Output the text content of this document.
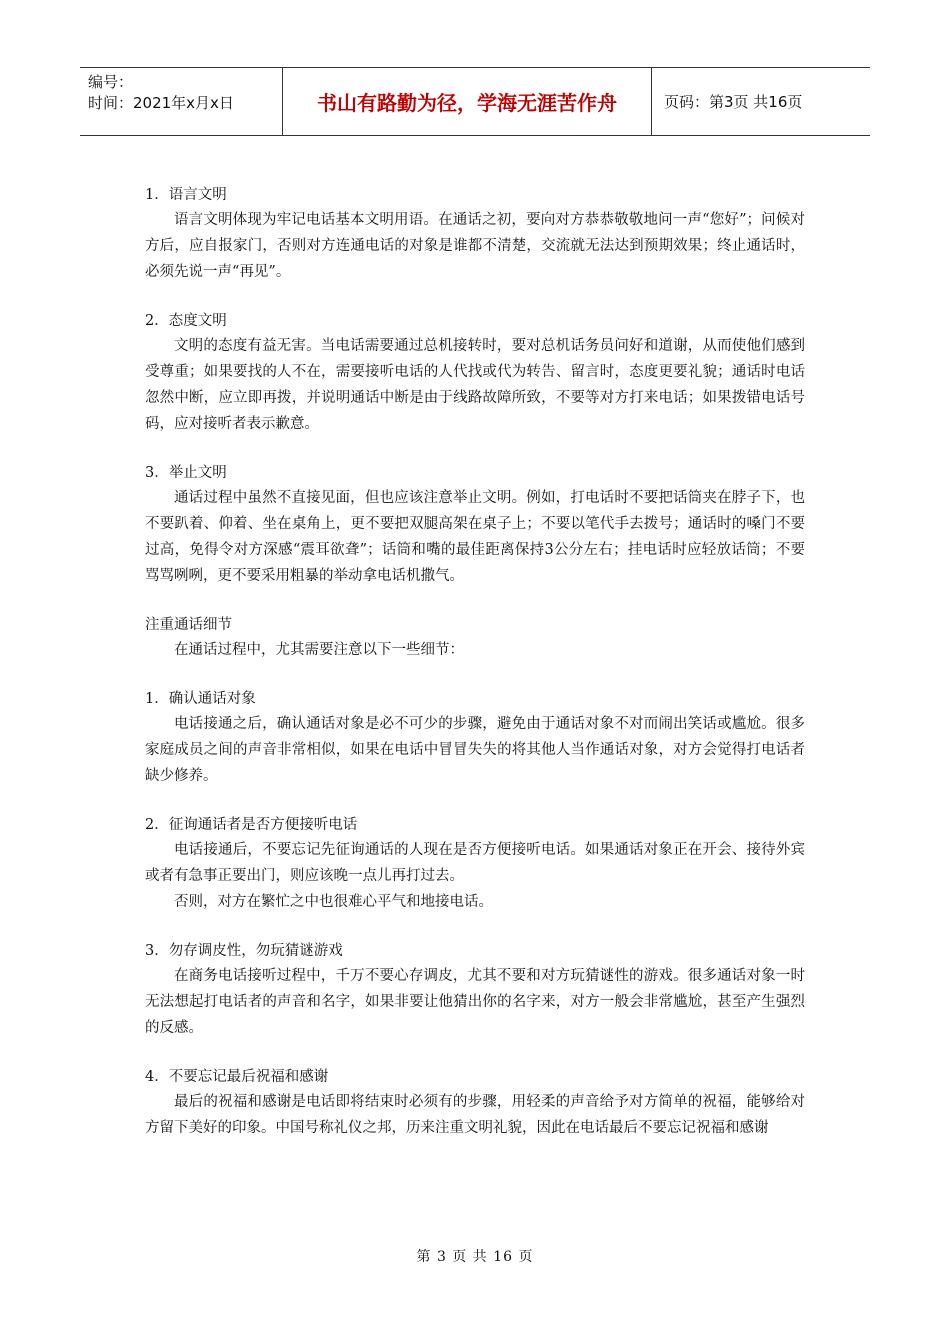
编号：
时间：2021年x月x日	书山有路勤为径，学海无涯苦作舟	页码：第3页 共16页
1．语言文明

语言文明体现为牢记电话基本文明用语。在通话之初，要向对方恭恭敬敬地问一声“您好”；问候对方后，应自报家门，否则对方连通电话的对象是谁都不清楚，交流就无法达到预期效果；终止通话时，必须先说一声“再见”。

2．态度文明

文明的态度有益无害。当电话需要通过总机接转时，要对总机话务员问好和道谢，从而使他们感到受尊重；如果要找的人不在，需要接听电话的人代找或代为转告、留言时，态度更要礼貌；通话时电话忽然中断，应立即再拨，并说明通话中断是由于线路故障所致，不要等对方打来电话；如果拨错电话号码，应对接听者表示歉意。

3．举止文明

通话过程中虽然不直接见面，但也应该注意举止文明。例如，打电话时不要把话筒夹在脖子下，也不要趴着、仰着、坐在桌角上，更不要把双腿高架在桌子上；不要以笔代手去拨号；通话时的嗓门不要过高，免得令对方深感“震耳欲聋”；话筒和嘴的最佳距离保持3公分左右；挂电话时应轻放话筒；不要骂骂咧咧，更不要采用粗暴的举动拿电话机撒气。

注重通话细节

在通话过程中，尤其需要注意以下一些细节：

1．确认通话对象

电话接通之后，确认通话对象是必不可少的步骤，避免由于通话对象不对而闹出笑话或尴尬。很多家庭成员之间的声音非常相似，如果在电话中冒冒失失的将其他人当作通话对象，对方会觉得打电话者缺少修养。

2．征询通话者是否方便接听电话

电话接通后，不要忘记先征询通话的人现在是否方便接听电话。如果通话对象正在开会、接待外宾或者有急事正要出门，则应该晚一点儿再打过去。

否则，对方在繁忙之中也很难心平气和地接电话。

3．勿存调皮性，勿玩猜谜游戏

在商务电话接听过程中，千万不要心存调皮，尤其不要和对方玩猜谜性的游戏。很多通话对象一时无法想起打电话者的声音和名字，如果非要让他猜出你的名字来，对方一般会非常尴尬，甚至产生强烈的反感。

4．不要忘记最后祝福和感谢

最后的祝福和感谢是电话即将结束时必须有的步骤，用轻柔的声音给予对方简单的祝福，能够给对方留下美好的印象。中国号称礼仪之邦，历来注重文明礼貌，因此在电话最后不要忘记祝福和感谢

第 3 页 共 16 页
